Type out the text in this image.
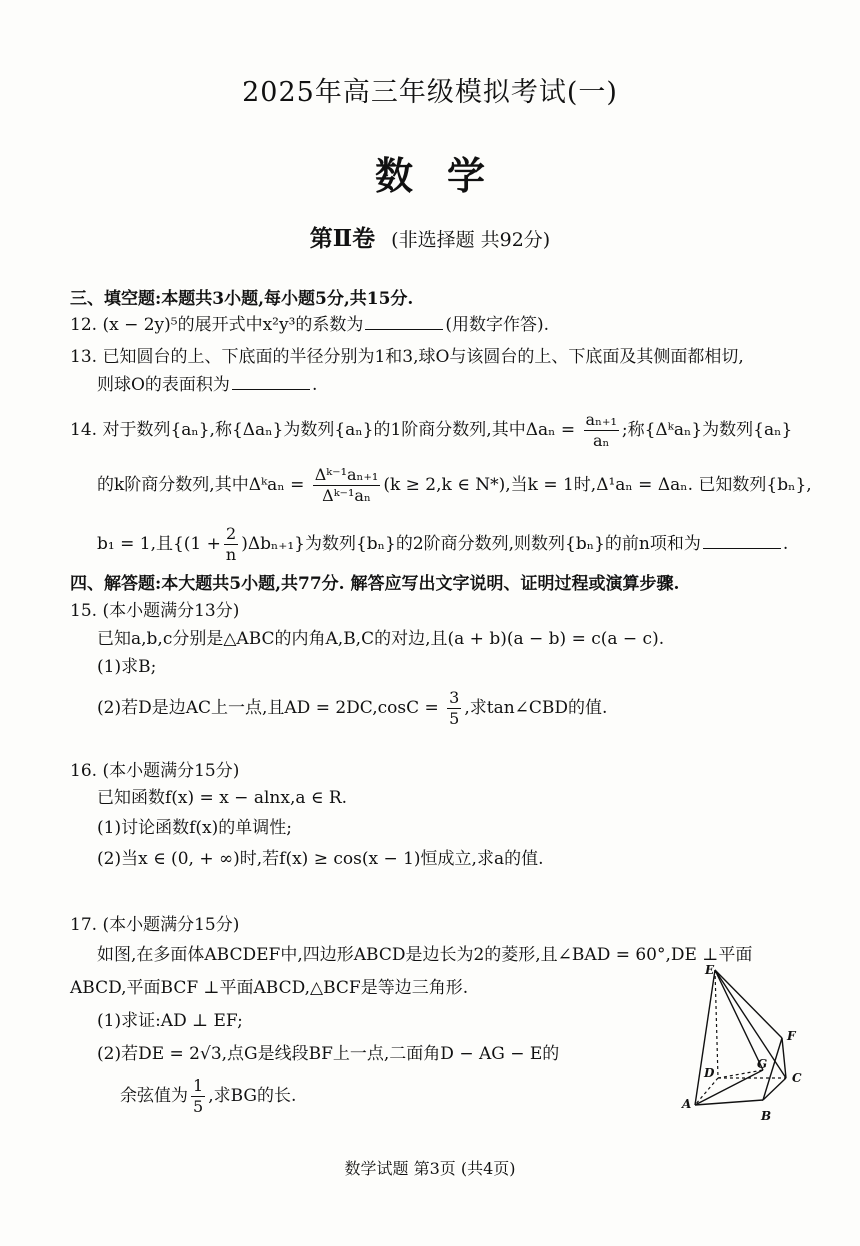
2025年高三年级模拟考试(一)
数学
第Ⅱ卷 (非选择题 共92分)
三、填空题:本题共3小题,每小题5分,共15分.
12. (x − 2y)⁵的展开式中x²y³的系数为	(用数字作答).
13. 已知圆台的上、下底面的半径分别为1和3,球O与该圆台的上、下底面及其侧面都相切,
则球O的表面积为	.
14. 对于数列{aₙ},称{Δaₙ}为数列{aₙ}的1阶商分数列,其中$\Delta a_n = \frac{\text{aₙ₊₁}}{\text{aₙ}}$ ;称{Δᵏaₙ}为数列{aₙ}
的k阶商分数列,其中Δᵏaₙ = $\frac{\text{Δᵏ⁻¹aₙ₊₁}}{\text{Δᵏ⁻¹aₙ}} (k \ge 2,k$ ∈ N*),当k = 1时,Δ¹aₙ = Δaₙ. 已知数列{bₙ},
b₁ = 1,且$\{(1 + \frac{2}{n} )\Delta b_{n+1}\}$为数列{bₙ}的2阶商分数列,则数列{bₙ}的前n项和为	.
四、解答题:本大题共5小题,共77分. 解答应写出文字说明、证明过程或演算步骤.
15. (本小题满分13分)
已知a,b,c分别是△ABC的内角A,B,C的对边,且(a + b)(a − b) = c(a − c).
(1)求B;
(2)若D是边AC上一点,且AD = $2DC,\cos C = \frac{3}{5}$ ,求tan∠CBD的值.
16. (本小题满分15分)
已知函数f(x) = x − alnx,a ∈ R.
(1)讨论函数f(x)的单调性;
(2)当x ∈ (0, + ∞)时,若f(x) ≥ cos(x − 1)恒成立,求a的值.
17. (本小题满分15分)
如图,在多面体ABCDEF中,四边形ABCD是边长为2的菱形,且∠BAD = 60°,DE ⊥平面
ABCD,平面BCF ⊥平面ABCD,△BCF是等边三角形.
(1)求证:AD ⊥ EF;
(2)若DE = 2√3,点G是线段BF上一点,二面角D − AG − E的
余弦值为 $\frac{1}{5}$ ,求BG的长.
E
F
G
D	C
A
B
数学试题 第3页 (共4页)
